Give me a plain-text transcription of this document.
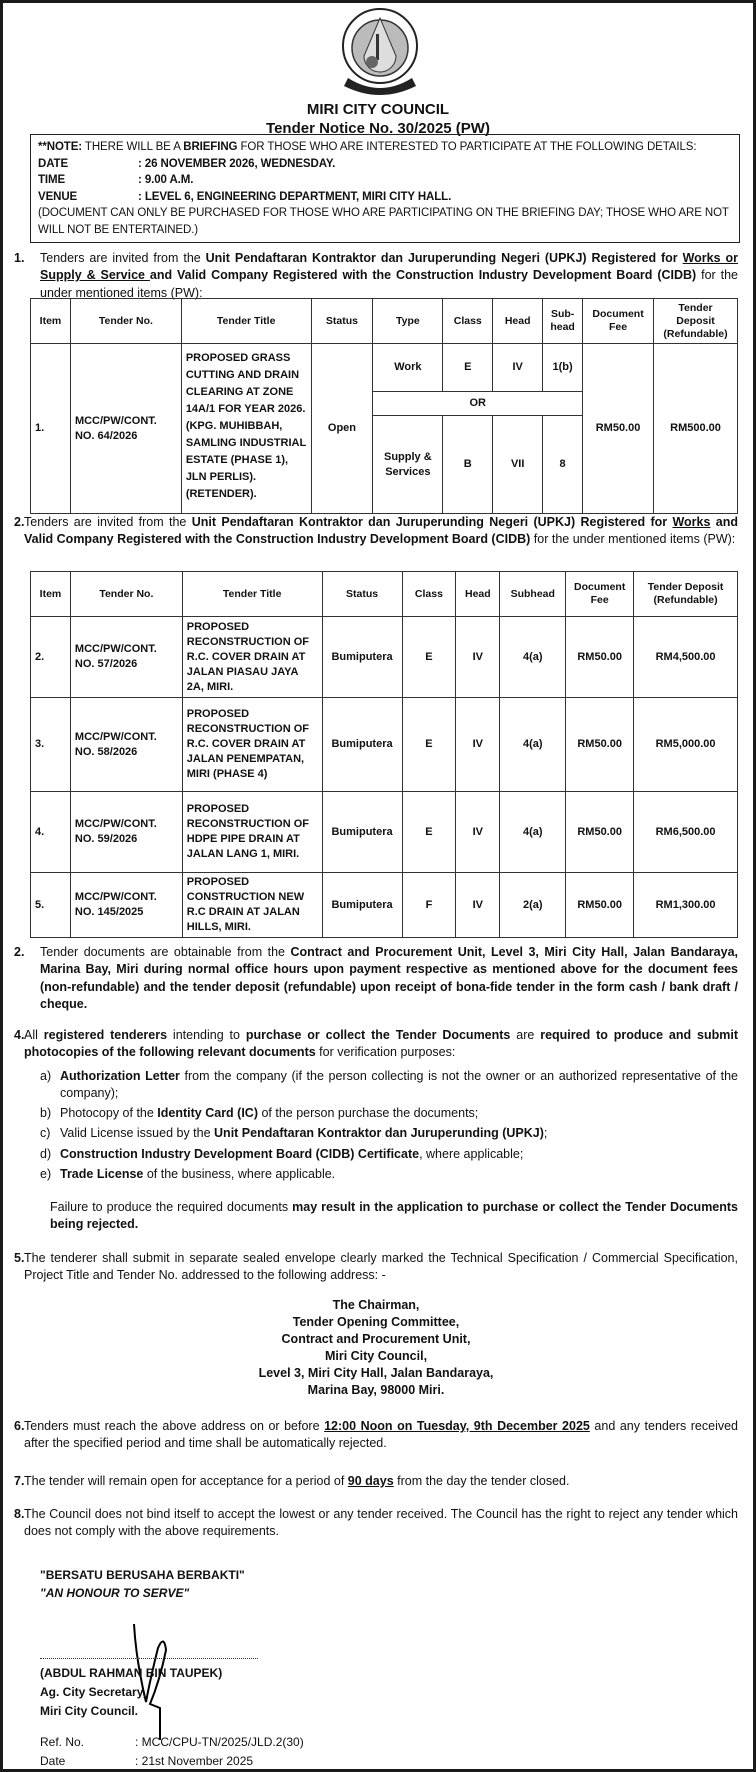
MIRI CITY COUNCIL
Tender Notice No. 30/2025 (PW)
**NOTE: THERE WILL BE A BRIEFING FOR THOSE WHO ARE INTERESTED TO PARTICIPATE AT THE FOLLOWING DETAILS:
DATE	: 26 NOVEMBER 2026, WEDNESDAY.
TIME	: 9.00 A.M.
VENUE	: LEVEL 6, ENGINEERING DEPARTMENT, MIRI CITY HALL.
(DOCUMENT CAN ONLY BE PURCHASED FOR THOSE WHO ARE PARTICIPATING ON THE BRIEFING DAY; THOSE WHO ARE NOT WILL NOT BE ENTERTAINED.)
1. Tenders are invited from the Unit Pendaftaran Kontraktor dan Juruperunding Negeri (UPKJ) Registered for Works or Supply & Service and Valid Company Registered with the Construction Industry Development Board (CIDB) for the under mentioned items (PW):
Item	Tender No.	Tender Title	Status	Type	Class	Head	Sub-head	Document Fee	Tender Deposit (Refundable)
1.	MCC/PW/CONT. NO. 64/2026	PROPOSED GRASS CUTTING AND DRAIN CLEARING AT ZONE 14A/1 FOR YEAR 2026. (KPG. MUHIBBAH, SAMLING INDUSTRIAL ESTATE (PHASE 1), JLN PERLIS). (RETENDER).	Open	Work	E	IV	1(b)	RM50.00	RM500.00
				OR					
				Supply & Services	B	VII	8		
2. Tenders are invited from the Unit Pendaftaran Kontraktor dan Juruperunding Negeri (UPKJ) Registered for Works and Valid Company Registered with the Construction Industry Development Board (CIDB) for the under mentioned items (PW):
Item	Tender No.	Tender Title	Status	Class	Head	Subhead	Document Fee	Tender Deposit (Refundable)
2.	MCC/PW/CONT. NO. 57/2026	PROPOSED RECONSTRUCTION OF R.C. COVER DRAIN AT JALAN PIASAU JAYA 2A, MIRI.	Bumiputera	E	IV	4(a)	RM50.00	RM4,500.00
3.	MCC/PW/CONT. NO. 58/2026	PROPOSED RECONSTRUCTION OF R.C. COVER DRAIN AT JALAN PENEMPATAN, MIRI (PHASE 4)	Bumiputera	E	IV	4(a)	RM50.00	RM5,000.00
4.	MCC/PW/CONT. NO. 59/2026	PROPOSED RECONSTRUCTION OF HDPE PIPE DRAIN AT JALAN LANG 1, MIRI.	Bumiputera	E	IV	4(a)	RM50.00	RM6,500.00
5.	MCC/PW/CONT. NO. 145/2025	PROPOSED CONSTRUCTION NEW R.C DRAIN AT JALAN HILLS, MIRI.	Bumiputera	F	IV	2(a)	RM50.00	RM1,300.00
2. Tender documents are obtainable from the Contract and Procurement Unit, Level 3, Miri City Hall, Jalan Bandaraya, Marina Bay, Miri during normal office hours upon payment respective as mentioned above for the document fees (non-refundable) and the tender deposit (refundable) upon receipt of bona-fide tender in the form cash / bank draft / cheque.
4. All registered tenderers intending to purchase or collect the Tender Documents are required to produce and submit photocopies of the following relevant documents for verification purposes:
a) Authorization Letter from the company (if the person collecting is not the owner or an authorized representative of the company);
b) Photocopy of the Identity Card (IC) of the person purchase the documents;
c) Valid License issued by the Unit Pendaftaran Kontraktor dan Juruperunding (UPKJ);
d) Construction Industry Development Board (CIDB) Certificate, where applicable;
e) Trade License of the business, where applicable.
Failure to produce the required documents may result in the application to purchase or collect the Tender Documents being rejected.
5. The tenderer shall submit in separate sealed envelope clearly marked the Technical Specification / Commercial Specification, Project Title and Tender No. addressed to the following address: -
The Chairman,
Tender Opening Committee,
Contract and Procurement Unit,
Miri City Council,
Level 3, Miri City Hall, Jalan Bandaraya,
Marina Bay, 98000 Miri.
6. Tenders must reach the above address on or before 12:00 Noon on Tuesday, 9th December 2025 and any tenders received after the specified period and time shall be automatically rejected.
7. The tender will remain open for acceptance for a period of 90 days from the day the tender closed.
8. The Council does not bind itself to accept the lowest or any tender received. The Council has the right to reject any tender which does not comply with the above requirements.
"BERSATU BERUSAHA BERBAKTI"
"AN HONOUR TO SERVE"
(ABDUL RAHMAN BIN TAUPEK)
Ag. City Secretary,
Miri City Council.
Ref. No.	: MCC/CPU-TN/2025/JLD.2(30)
Date	: 21st November 2025
